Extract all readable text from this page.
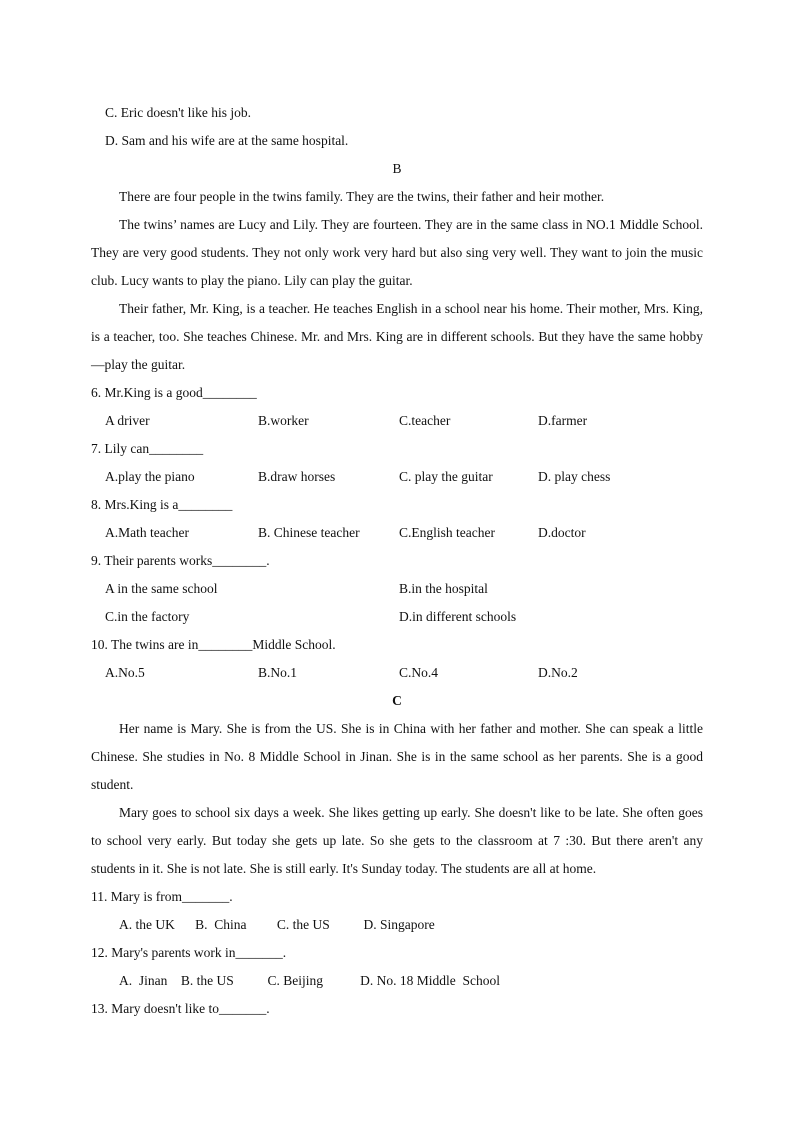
C. Eric doesn't like his job.
D. Sam and his wife are at the same hospital.
B

There are four people in the twins family. They are the twins, their father and heir mother.

The twins’ names are Lucy and Lily. They are fourteen. They are in the same class in NO.1 Middle School. They are very good students. They not only work very hard but also sing very well. They want to join the music club. Lucy wants to play the piano. Lily can play the guitar.

Their father, Mr. King, is a teacher. He teaches English in a school near his home. Their mother, Mrs. King, is a teacher, too. She teaches Chinese. Mr. and Mrs. King are in different schools. But they have the same hobby—play the guitar.

6. Mr.King is a good________
A driver	B.worker	C.teacher	D.farmer
7. Lily can________
A.play the piano	B.draw horses	C. play the guitar	D. play chess
8. Mrs.King is a________
A.Math teacher	B. Chinese teacher	C.English teacher	D.doctor
9. Their parents works________.
A in the same school	B.in the hospital
C.in the factory	D.in different schools
10. The twins are in________Middle School.
A.No.5	B.No.1	C.No.4	D.No.2
C

Her name is Mary. She is from the US. She is in China with her father and mother. She can speak a little Chinese. She studies in No. 8 Middle School in Jinan. She is in the same school as her parents. She is a good student.

Mary goes to school six days a week. She likes getting up early. She doesn't like to be late. She often goes to school very early. But today she gets up late. So she gets to the classroom at 7 :30. But there aren't any students in it. She is not late. She is still early. It's Sunday today. The students are all at home.

11. Mary is from_______.
A. the UK      B.  China         C. the US          D. Singapore
12. Mary's parents work in_______.
A.  Jinan    B. the US          C. Beijing           D. No. 18 Middle  School
13. Mary doesn't like to_______.
